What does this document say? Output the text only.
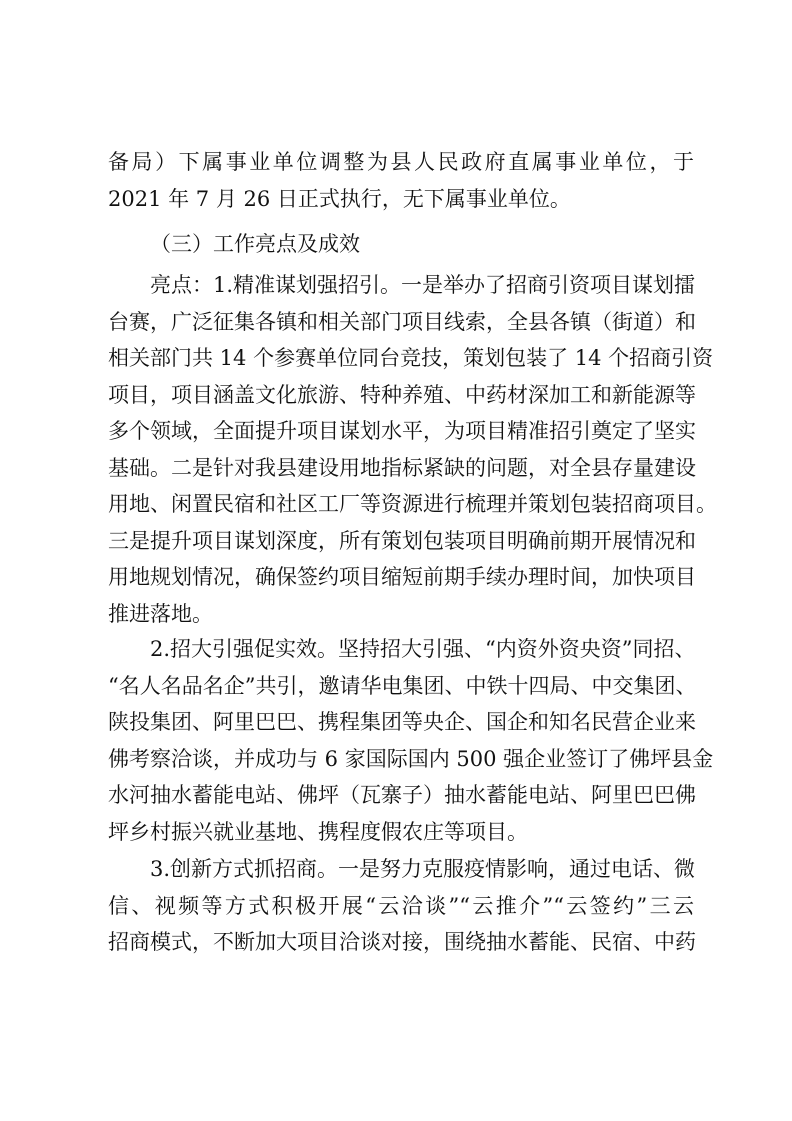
备局）下属事业单位调整为县人民政府直属事业单位，于
2021 年 7 月 26 日正式执行，无下属事业单位。
（三）工作亮点及成效
　　亮点：1.精准谋划强招引。一是举办了招商引资项目谋划擂
台赛，广泛征集各镇和相关部门项目线索，全县各镇（街道）和
相关部门共 14 个参赛单位同台竞技，策划包装了 14 个招商引资
项目，项目涵盖文化旅游、特种养殖、中药材深加工和新能源等
多个领域，全面提升项目谋划水平，为项目精准招引奠定了坚实
基础。二是针对我县建设用地指标紧缺的问题，对全县存量建设
用地、闲置民宿和社区工厂等资源进行梳理并策划包装招商项目。
三是提升项目谋划深度，所有策划包装项目明确前期开展情况和
用地规划情况，确保签约项目缩短前期手续办理时间，加快项目
推进落地。
　　2.招大引强促实效。坚持招大引强、“内资外资央资”同招、
“名人名品名企”共引，邀请华电集团、中铁十四局、中交集团、
陕投集团、阿里巴巴、携程集团等央企、国企和知名民营企业来
佛考察洽谈，并成功与 6 家国际国内 500 强企业签订了佛坪县金
水河抽水蓄能电站、佛坪（瓦寨子）抽水蓄能电站、阿里巴巴佛
坪乡村振兴就业基地、携程度假农庄等项目。
　　3.创新方式抓招商。一是努力克服疫情影响，通过电话、微
信、视频等方式积极开展“云洽谈”“云推介”“云签约”三云
招商模式，不断加大项目洽谈对接，围绕抽水蓄能、民宿、中药
